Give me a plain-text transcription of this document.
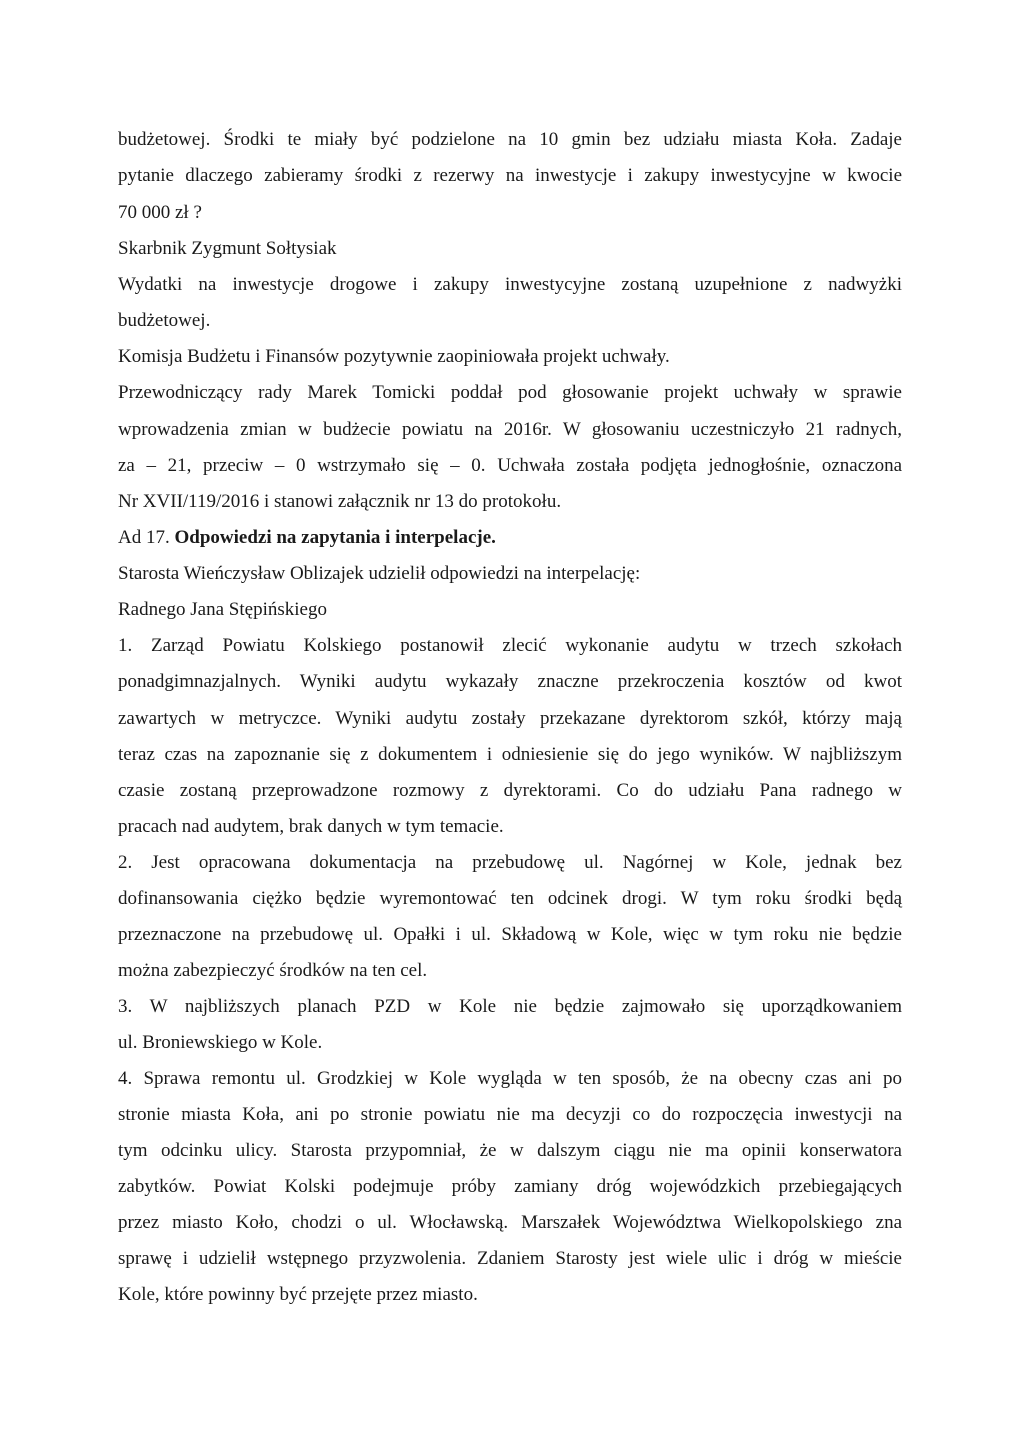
budżetowej. Środki te miały być podzielone na 10 gmin bez udziału miasta Koła. Zadaje
pytanie dlaczego zabieramy środki z rezerwy na inwestycje i zakupy inwestycyjne w kwocie
70 000 zł ?
Skarbnik Zygmunt Sołtysiak
Wydatki na inwestycje drogowe i zakupy inwestycyjne zostaną uzupełnione z nadwyżki
budżetowej.
Komisja Budżetu i Finansów pozytywnie zaopiniowała projekt uchwały.
Przewodniczący rady Marek Tomicki poddał pod głosowanie projekt uchwały w sprawie
wprowadzenia zmian w budżecie powiatu na 2016r. W głosowaniu uczestniczyło 21 radnych,
za – 21, przeciw – 0 wstrzymało się – 0. Uchwała została podjęta jednogłośnie, oznaczona
Nr XVII/119/2016 i stanowi załącznik nr 13 do protokołu.
Ad 17. Odpowiedzi na zapytania i interpelacje.
Starosta Wieńczysław Oblizajek udzielił odpowiedzi na interpelację:
Radnego Jana Stępińskiego
1. Zarząd Powiatu Kolskiego postanowił zlecić wykonanie audytu w trzech szkołach
ponadgimnazjalnych. Wyniki audytu wykazały znaczne przekroczenia kosztów od kwot
zawartych w metryczce. Wyniki audytu zostały przekazane dyrektorom szkół, którzy mają
teraz czas na zapoznanie się z dokumentem i odniesienie się do jego wyników. W najbliższym
czasie zostaną przeprowadzone rozmowy z dyrektorami. Co do udziału Pana radnego w
pracach nad audytem, brak danych w tym temacie.
2. Jest opracowana dokumentacja na przebudowę ul. Nagórnej w Kole, jednak bez
dofinansowania ciężko będzie wyremontować ten odcinek drogi. W tym roku środki będą
przeznaczone na przebudowę ul. Opałki i ul. Składową w Kole, więc w tym roku nie będzie
można zabezpieczyć środków na ten cel.
3. W najbliższych planach PZD w Kole nie będzie zajmowało się uporządkowaniem
ul. Broniewskiego w Kole.
4. Sprawa remontu ul. Grodzkiej w Kole wygląda w ten sposób, że na obecny czas ani po
stronie miasta Koła, ani po stronie powiatu nie ma decyzji co do rozpoczęcia inwestycji na
tym odcinku ulicy. Starosta przypomniał, że w dalszym ciągu nie ma opinii konserwatora
zabytków. Powiat Kolski podejmuje próby zamiany dróg wojewódzkich przebiegających
przez miasto Koło, chodzi o ul. Włocławską. Marszałek Województwa Wielkopolskiego zna
sprawę i udzielił wstępnego przyzwolenia. Zdaniem Starosty jest wiele ulic i dróg w mieście
Kole, które powinny być przejęte przez miasto.
